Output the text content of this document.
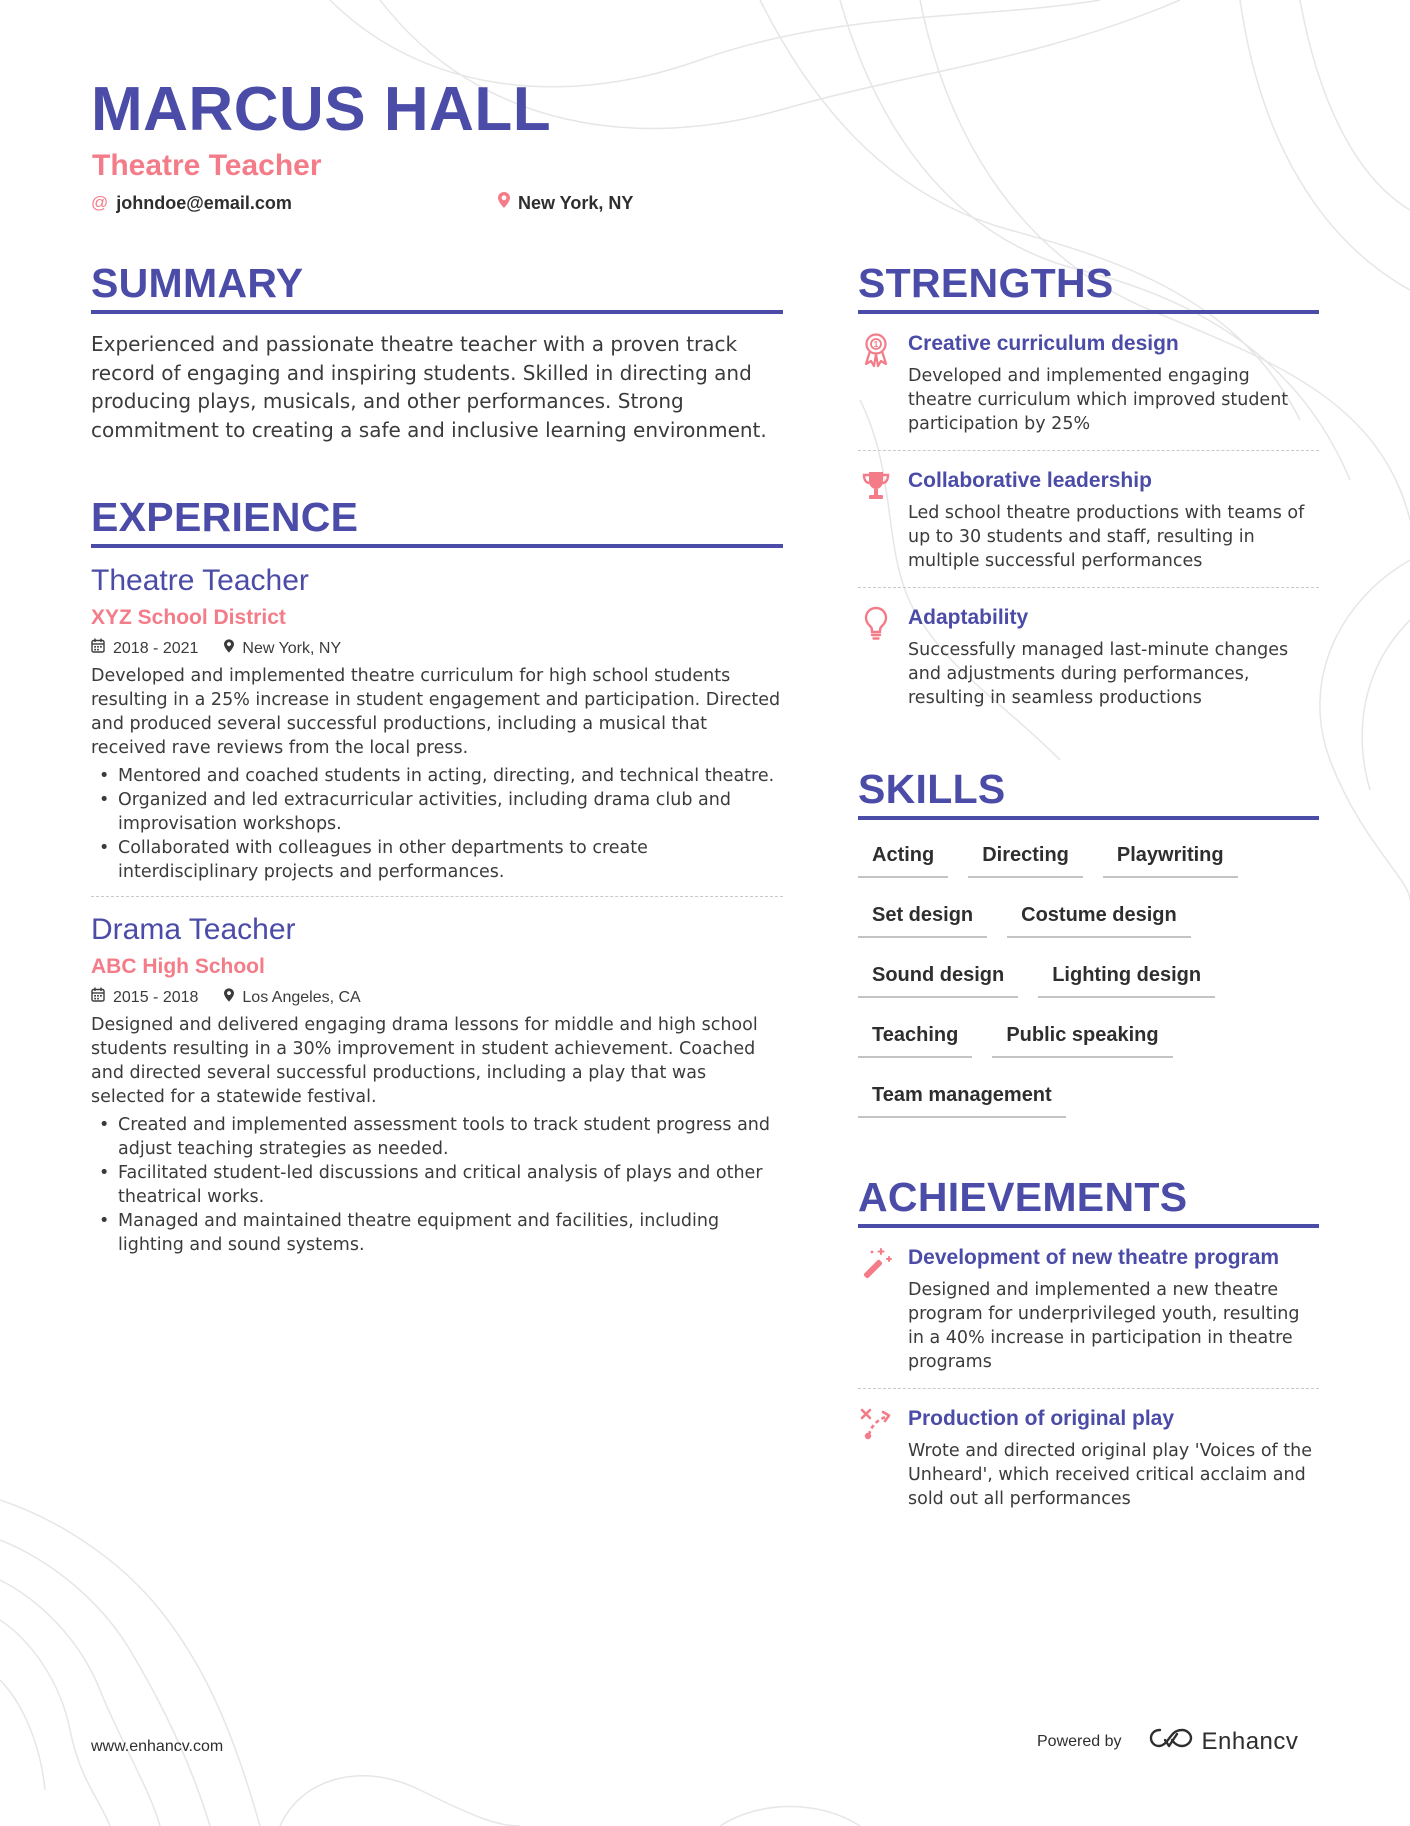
MARCUS HALL
Theatre Teacher
@ johndoe@email.com	New York, NY
SUMMARY

Experienced and passionate theatre teacher with a proven track record of engaging and inspiring students. Skilled in directing and producing plays, musicals, and other performances. Strong commitment to creating a safe and inclusive learning environment.

EXPERIENCE
Theatre Teacher
XYZ School District
2018 - 2021	New York, NY

Developed and implemented theatre curriculum for high school students resulting in a 25% increase in student engagement and participation. Directed and produced several successful productions, including a musical that received rave reviews from the local press.

• Mentored and coached students in acting, directing, and technical theatre.
• Organized and led extracurricular activities, including drama club and improvisation workshops.
• Collaborated with colleagues in other departments to create interdisciplinary projects and performances.
Drama Teacher
ABC High School
2015 - 2018	Los Angeles, CA

Designed and delivered engaging drama lessons for middle and high school students resulting in a 30% improvement in student achievement. Coached and directed several successful productions, including a play that was selected for a statewide festival.

• Created and implemented assessment tools to track student progress and adjust teaching strategies as needed.
• Facilitated student-led discussions and critical analysis of plays and other theatrical works.
• Managed and maintained theatre equipment and facilities, including lighting and sound systems.
STRENGTHS
1 Creative curriculum design
Developed and implemented engaging theatre curriculum which improved student participation by 25%
Collaborative leadership
Led school theatre productions with teams of up to 30 students and staff, resulting in multiple successful performances
Adaptability
Successfully managed last-minute changes and adjustments during performances, resulting in seamless productions
SKILLS
Acting	Directing	Playwriting
Set design	Costume design
Sound design	Lighting design
Teaching	Public speaking
Team management
ACHIEVEMENTS
Development of new theatre program
Designed and implemented a new theatre program for underprivileged youth, resulting in a 40% increase in participation in theatre programs
Production of original play
Wrote and directed original play 'Voices of the Unheard', which received critical acclaim and sold out all performances
www.enhancv.com	Powered by	Enhancv
